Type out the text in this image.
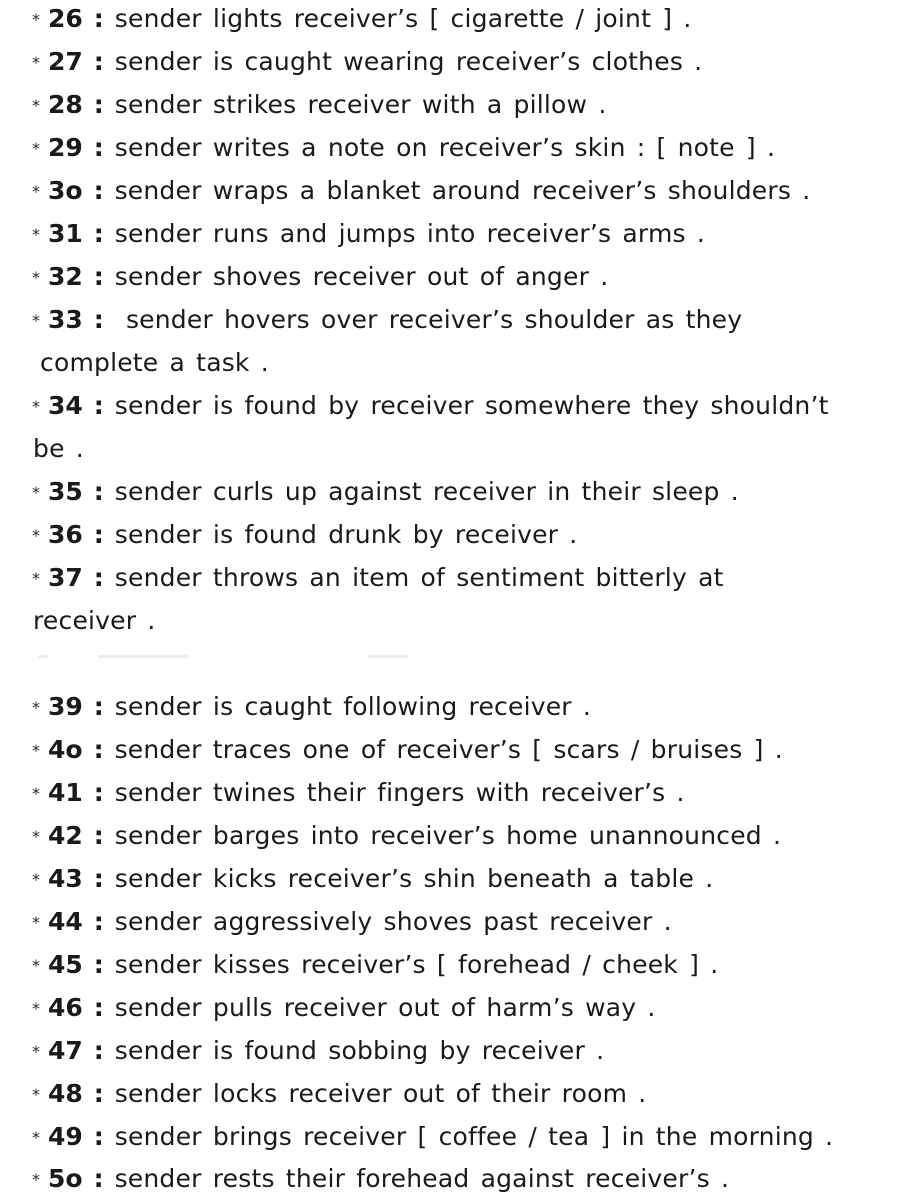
* 26 : sender lights receiver’s [ cigarette / joint ] .
* 27 : sender is caught wearing receiver’s clothes .
* 28 : sender strikes receiver with a pillow .
* 29 : sender writes a note on receiver’s skin : [ note ] .
* 3o : sender wraps a blanket around receiver’s shoulders .
* 31 : sender runs and jumps into receiver’s arms .
* 32 : sender shoves receiver out of anger .
* 33 : sender hovers over receiver’s shoulder as they
complete a task .
* 34 : sender is found by receiver somewhere they shouldn’t
be .
* 35 : sender curls up against receiver in their sleep .
* 36 : sender is found drunk by receiver .
* 37 : sender throws an item of sentiment bitterly at
receiver .
* 39 : sender is caught following receiver .
* 4o : sender traces one of receiver’s [ scars / bruises ] .
* 41 : sender twines their fingers with receiver’s .
* 42 : sender barges into receiver’s home unannounced .
* 43 : sender kicks receiver’s shin beneath a table .
* 44 : sender aggressively shoves past receiver .
* 45 : sender kisses receiver’s [ forehead / cheek ] .
* 46 : sender pulls receiver out of harm’s way .
* 47 : sender is found sobbing by receiver .
* 48 : sender locks receiver out of their room .
* 49 : sender brings receiver [ coffee / tea ] in the morning .
* 5o : sender rests their forehead against receiver’s .
